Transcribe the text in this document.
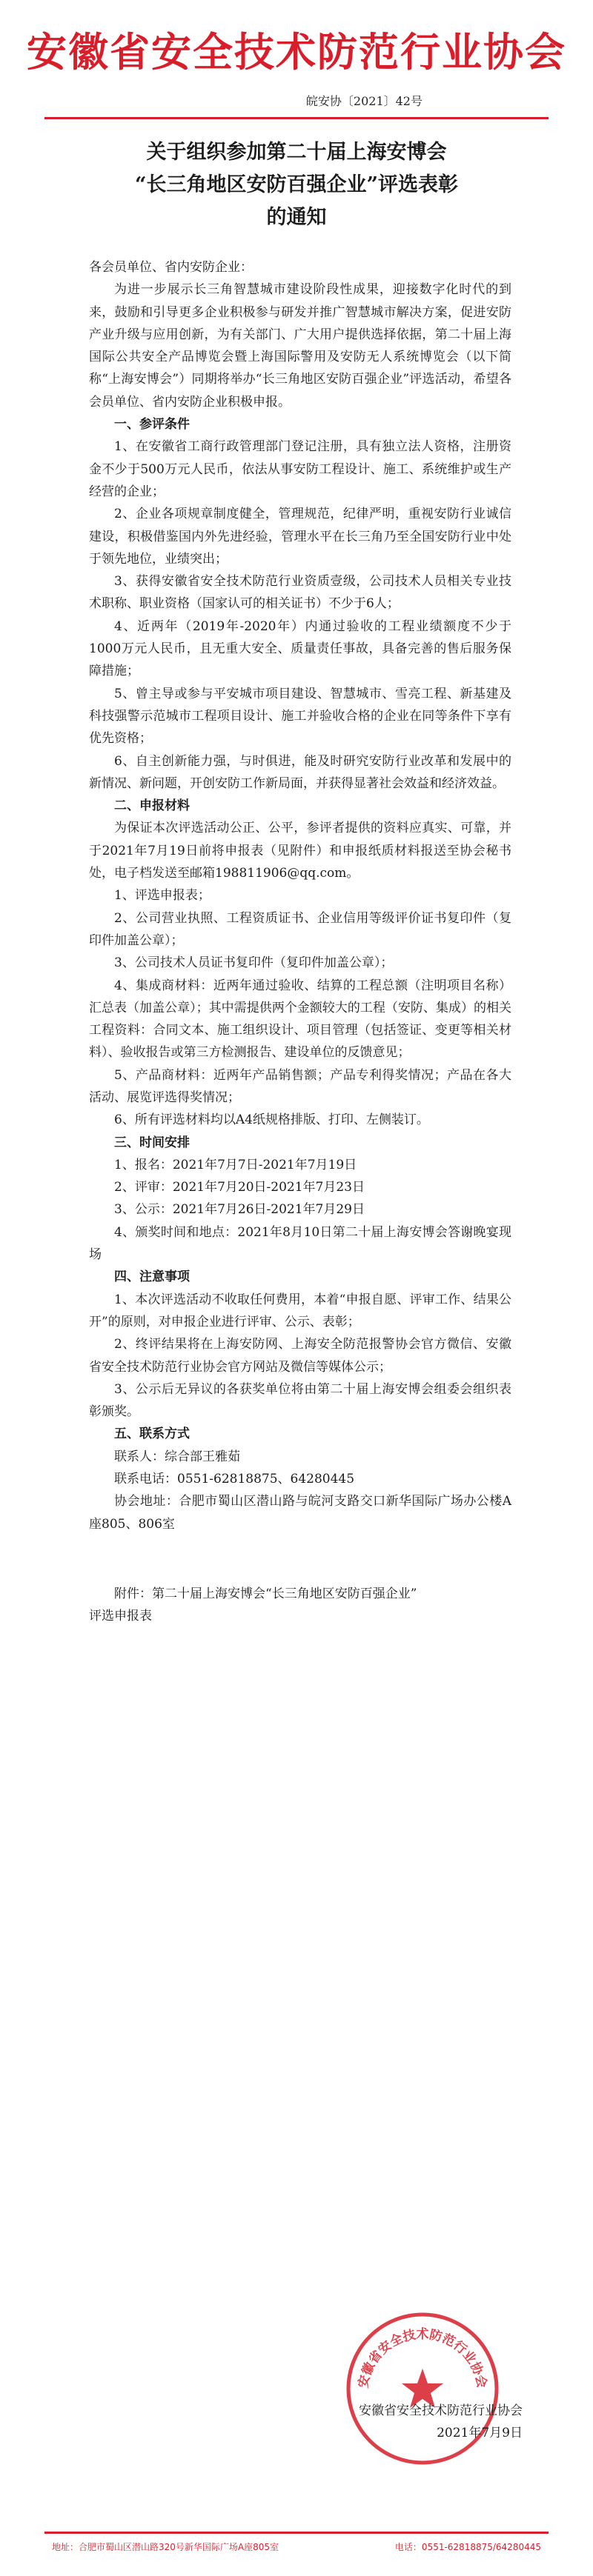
安徽省安全技术防范行业协会
皖安协〔2021〕42号
关于组织参加第二十届上海安博会
“长三角地区安防百强企业”评选表彰
的通知

各会员单位、省内安防企业：

为进一步展示长三角智慧城市建设阶段性成果，迎接数字化时代的到来，鼓励和引导更多企业积极参与研发并推广智慧城市解决方案，促进安防产业升级与应用创新，为有关部门、广大用户提供选择依据，第二十届上海国际公共安全产品博览会暨上海国际警用及安防无人系统博览会（以下简称“上海安博会”）同期将举办“长三角地区安防百强企业”评选活动，希望各会员单位、省内安防企业积极申报。

一、参评条件

1、在安徽省工商行政管理部门登记注册，具有独立法人资格，注册资金不少于500万元人民币，依法从事安防工程设计、施工、系统维护或生产经营的企业；

2、企业各项规章制度健全，管理规范，纪律严明，重视安防行业诚信建设，积极借鉴国内外先进经验，管理水平在长三角乃至全国安防行业中处于领先地位，业绩突出；

3、获得安徽省安全技术防范行业资质壹级，公司技术人员相关专业技术职称、职业资格（国家认可的相关证书）不少于6人；

4、近两年（2019年-2020年）内通过验收的工程业绩额度不少于1000万元人民币，且无重大安全、质量责任事故，具备完善的售后服务保障措施；

5、曾主导或参与平安城市项目建设、智慧城市、雪亮工程、新基建及科技强警示范城市工程项目设计、施工并验收合格的企业在同等条件下享有优先资格；

6、自主创新能力强，与时俱进，能及时研究安防行业改革和发展中的新情况、新问题，开创安防工作新局面，并获得显著社会效益和经济效益。

二、申报材料

为保证本次评选活动公正、公平，参评者提供的资料应真实、可靠，并于2021年7月19日前将申报表（见附件）和申报纸质材料报送至协会秘书处，电子档发送至邮箱198811906@qq.com。

1、评选申报表；

2、公司营业执照、工程资质证书、企业信用等级评价证书复印件（复印件加盖公章）；

3、公司技术人员证书复印件（复印件加盖公章）；

4、集成商材料：近两年通过验收、结算的工程总额（注明项目名称）汇总表（加盖公章）；其中需提供两个金额较大的工程（安防、集成）的相关工程资料：合同文本、施工组织设计、项目管理（包括签证、变更等相关材料）、验收报告或第三方检测报告、建设单位的反馈意见；

5、产品商材料：近两年产品销售额；产品专利得奖情况；产品在各大活动、展览评选得奖情况；

6、所有评选材料均以A4纸规格排版、打印、左侧装订。

三、时间安排

1、报名：2021年7月7日-2021年7月19日

2、评审：2021年7月20日-2021年7月23日

3、公示：2021年7月26日-2021年7月29日

4、颁奖时间和地点：2021年8月10日第二十届上海安博会答谢晚宴现场

四、注意事项

1、本次评选活动不收取任何费用，本着“申报自愿、评审工作、结果公开”的原则，对申报企业进行评审、公示、表彰；

2、终评结果将在上海安防网、上海安全防范报警协会官方微信、安徽省安全技术防范行业协会官方网站及微信等媒体公示；

3、公示后无异议的各获奖单位将由第二十届上海安博会组委会组织表彰颁奖。

五、联系方式

联系人：综合部王雅茹

联系电话：0551-62818875、64280445

协会地址：合肥市蜀山区潜山路与皖河支路交口新华国际广场办公楼A座805、806室

附件：第二十届上海安博会“长三角地区安防百强企业”

评选申报表

安徽省安全技术防范行业协会
安徽省安全技术防范行业协会
2021年7月9日
地址：合肥市蜀山区潜山路320号新华国际广场A座805室	电话：0551-62818875/64280445
